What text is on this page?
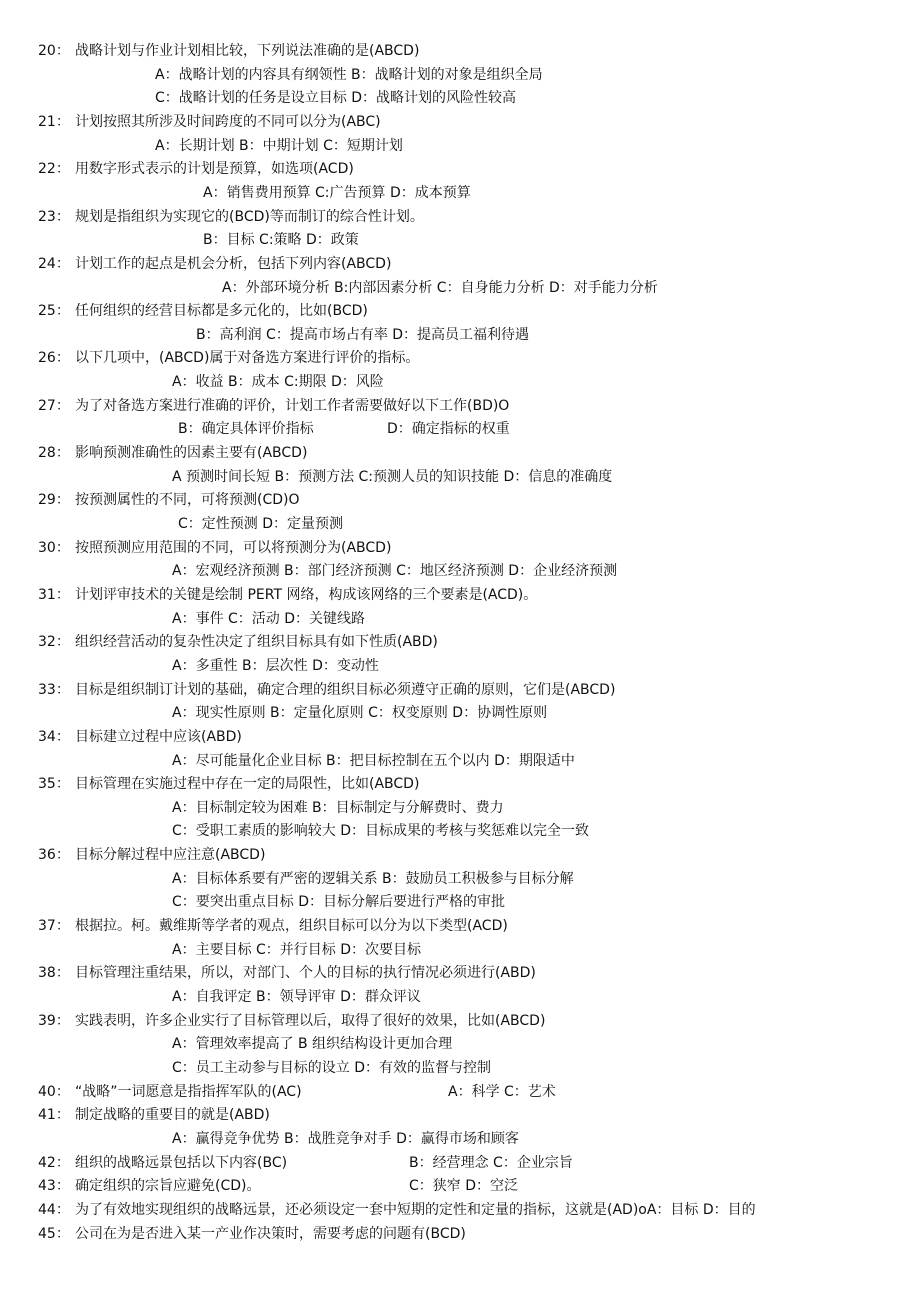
20： 战略计划与作业计划相比较，下列说法准确的是(ABCD)
A：战略计划的内容具有纲领性 B：战略计划的对象是组织全局
C：战略计划的任务是设立目标 D：战略计划的风险性较高
21： 计划按照其所涉及时间跨度的不同可以分为(ABC)
A：长期计划 B：中期计划 C：短期计划
22： 用数字形式表示的计划是预算，如选项(ACD)
A：销售费用预算 C:广告预算 D：成本预算
23： 规划是指组织为实现它的(BCD)等而制订的综合性计划。
B：目标 C:策略 D：政策
24： 计划工作的起点是机会分析，包括下列内容(ABCD)
A：外部环境分析 B:内部因素分析 C：自身能力分析 D：对手能力分析
25： 任何组织的经营目标都是多元化的，比如(BCD)
B：高利润 C：提高市场占有率 D：提高员工福利待遇
26： 以下几项中，(ABCD)属于对备选方案进行评价的指标。
A：收益 B：成本 C:期限 D：风险
27： 为了对备选方案进行准确的评价，计划工作者需要做好以下工作(BD)O
B：确定具体评价指标	D：确定指标的权重
28： 影响预测准确性的因素主要有(ABCD)
A 预测时间长短 B：预测方法 C:预测人员的知识技能 D：信息的准确度
29： 按预测属性的不同，可将预测(CD)O
C：定性预测 D：定量预测
30： 按照预测应用范围的不同，可以将预测分为(ABCD)
A：宏观经济预测 B：部门经济预测 C：地区经济预测 D：企业经济预测
31： 计划评审技术的关键是绘制 PERT 网络，构成该网络的三个要素是(ACD)。
A：事件 C：活动 D：关键线路
32： 组织经营活动的复杂性决定了组织目标具有如下性质(ABD)
A：多重性 B：层次性 D：变动性
33： 目标是组织制订计划的基础，确定合理的组织目标必须遵守正确的原则，它们是(ABCD)
A：现实性原则 B：定量化原则 C：权变原则 D：协调性原则
34： 目标建立过程中应该(ABD)
A：尽可能量化企业目标 B：把目标控制在五个以内 D：期限适中
35： 目标管理在实施过程中存在一定的局限性，比如(ABCD)
A：目标制定较为困难 B：目标制定与分解费时、费力
C：受职工素质的影响较大 D：目标成果的考核与奖惩难以完全一致
36： 目标分解过程中应注意(ABCD)
A：目标体系要有严密的逻辑关系 B：鼓励员工积极参与目标分解
C：要突出重点目标 D：目标分解后要进行严格的审批
37： 根据拉。柯。戴维斯等学者的观点，组织目标可以分为以下类型(ACD)
A：主要目标 C：并行目标 D：次要目标
38： 目标管理注重结果，所以，对部门、个人的目标的执行情况必须进行(ABD)
A：自我评定 B：领导评审 D：群众评议
39： 实践表明，许多企业实行了目标管理以后，取得了很好的效果，比如(ABCD)
A：管理效率提高了 B 组织结构设计更加合理
C：员工主动参与目标的设立 D：有效的监督与控制
40： “战略”一词愿意是指指挥军队的(AC)	A：科学 C：艺术
41： 制定战略的重要目的就是(ABD)
A：赢得竞争优势 B：战胜竞争对手 D：赢得市场和顾客
42： 组织的战略远景包括以下内容(BC)	B：经营理念 C：企业宗旨
43： 确定组织的宗旨应避免(CD)。	C：狭窄 D：空泛
44： 为了有效地实现组织的战略远景，还必须设定一套中短期的定性和定量的指标，这就是(AD)oA：目标 D：目的
45： 公司在为是否进入某一产业作决策时，需要考虑的问题有(BCD)
